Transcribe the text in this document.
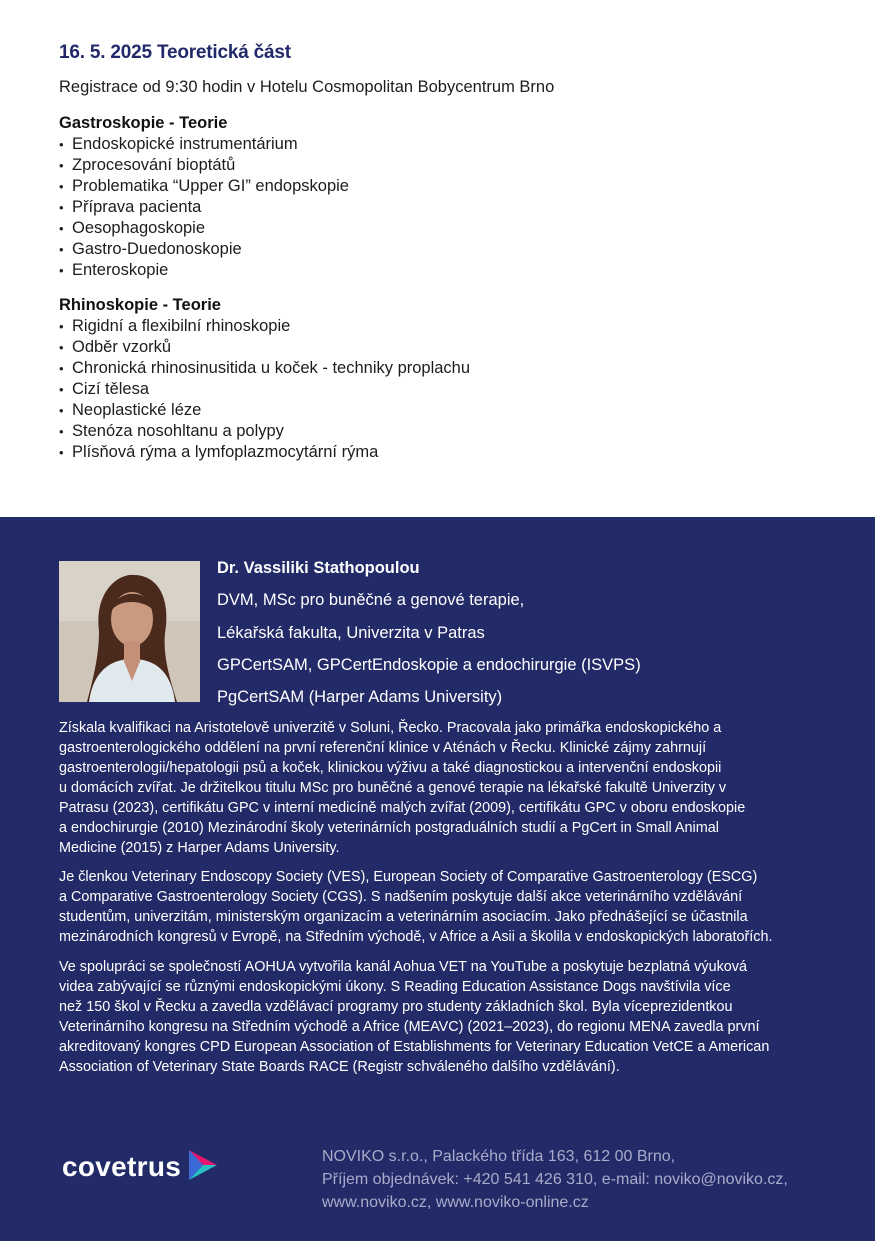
16. 5. 2025 Teoretická část
Registrace od 9:30 hodin v Hotelu Cosmopolitan Bobycentrum Brno
Gastroskopie - Teorie
• Endoskopické instrumentárium
• Zprocesování bioptátů
• Problematika “Upper GI” endopskopie
• Příprava pacienta
• Oesophagoskopie
• Gastro-Duedonoskopie
• Enteroskopie
Rhinoskopie - Teorie
• Rigidní a flexibilní rhinoskopie
• Odběr vzorků
• Chronická rhinosinusitida u koček - techniky proplachu
• Cizí tělesa
• Neoplastické léze
• Stenóza nosohltanu a polypy
• Plísňová rýma a lymfoplazmocytární rýma
Dr. Vassiliki Stathopoulou
DVM, MSc pro buněčné a genové terapie,
Lékařská fakulta, Univerzita v Patras
GPCertSAM, GPCertEndoskopie a endochirurgie (ISVPS)
PgCertSAM (Harper Adams University)
Získala kvalifikaci na Aristotelově univerzitě v Soluni, Řecko. Pracovala jako primářka endoskopického a
gastroenterologického oddělení na první referenční klinice v Aténách v Řecku. Klinické zájmy zahrnují
gastroenterologii/hepatologii psů a koček, klinickou výživu a také diagnostickou a intervenční endoskopii
u domácích zvířat. Je držitelkou titulu MSc pro buněčné a genové terapie na lékařské fakultě Univerzity v
Patrasu (2023), certifikátu GPC v interní medicíně malých zvířat (2009), certifikátu GPC v oboru endoskopie
a endochirurgie (2010) Mezinárodní školy veterinárních postgraduálních studií a PgCert in Small Animal
Medicine (2015) z Harper Adams University.
Je členkou Veterinary Endoscopy Society (VES), European Society of Comparative Gastroenterology (ESCG)
a Comparative Gastroenterology Society (CGS). S nadšením poskytuje další akce veterinárního vzdělávání
studentům, univerzitám, ministerským organizacím a veterinárním asociacím. Jako přednášející se účastnila
mezinárodních kongresů v Evropě, na Středním východě, v Africe a Asii a školila v endoskopických laboratořích.
Ve spolupráci se společností AOHUA vytvořila kanál Aohua VET na YouTube a poskytuje bezplatná výuková
videa zabývající se různými endoskopickými úkony. S Reading Education Assistance Dogs navštívila více
než 150 škol v Řecku a zavedla vzdělávací programy pro studenty základních škol. Byla víceprezidentkou
Veterinárního kongresu na Středním východě a Africe (MEAVC) (2021–2023), do regionu MENA zavedla první
akreditovaný kongres CPD European Association of Establishments for Veterinary Education VetCE a American
Association of Veterinary State Boards RACE (Registr schváleného dalšího vzdělávání).
covetrus	NOVIKO s.r.o., Palackého třída 163, 612 00 Brno,
Příjem objednávek: +420 541 426 310, e-mail: noviko@noviko.cz,
www.noviko.cz, www.noviko-online.cz
